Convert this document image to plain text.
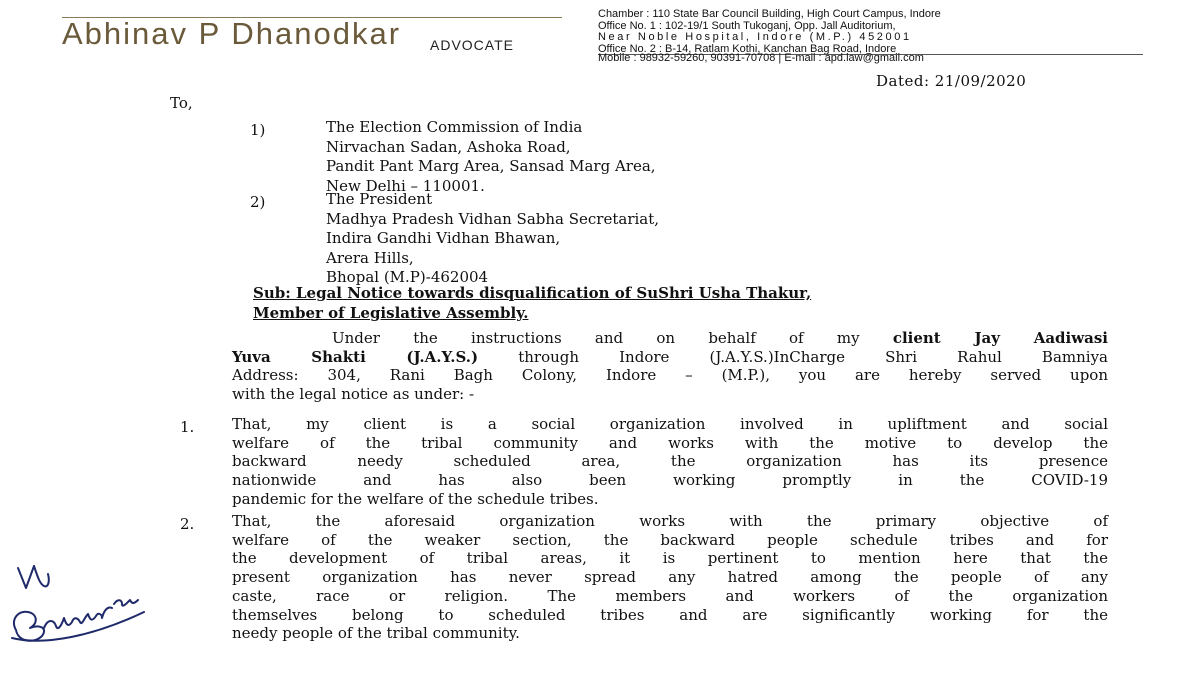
Abhinav P Dhanodkar ADVOCATE
Chamber : 110 State Bar Council Building, High Court Campus, Indore
Office No. 1 : 102-19/1 South Tukoganj, Opp. Jall Auditorium,
Near Noble Hospital, Indore (M.P.) 452001
Office No. 2 : B-14, Ratlam Kothi, Kanchan Bag Road, Indore
Mobile : 98932-59260, 90391-70708 | E-mail : apd.law@gmail.com
Dated: 21/09/2020
To,
1)	The Election Commission of India
Nirvachan Sadan, Ashoka Road,
Pandit Pant Marg Area, Sansad Marg Area,
New Delhi – 110001.
2)	The President
Madhya Pradesh Vidhan Sabha Secretariat,
Indira Gandhi Vidhan Bhawan,
Arera Hills,
Bhopal (M.P)-462004
Sub: Legal Notice towards disqualification of SuShri Usha Thakur,
Member of Legislative Assembly.
Under the instructions and on behalf of my client Jay Aadiwasi
Yuva Shakti (J.A.Y.S.) through Indore (J.A.Y.S.)InCharge Shri Rahul Bamniya
Address: 304, Rani Bagh Colony, Indore – (M.P.), you are hereby served upon
with the legal notice as under: -
1.	That, my client is a social organization involved in upliftment and social
welfare of the tribal community and works with the motive to develop the
backward needy scheduled area, the organization has its presence
nationwide and has also been working promptly in the COVID-19
pandemic for the welfare of the schedule tribes.
2.	That, the aforesaid organization works with the primary objective of
welfare of the weaker section, the backward people schedule tribes and for
the development of tribal areas, it is pertinent to mention here that the
present organization has never spread any hatred among the people of any
caste, race or religion. The members and workers of the organization
themselves belong to scheduled tribes and are significantly working for the
needy people of the tribal community.
